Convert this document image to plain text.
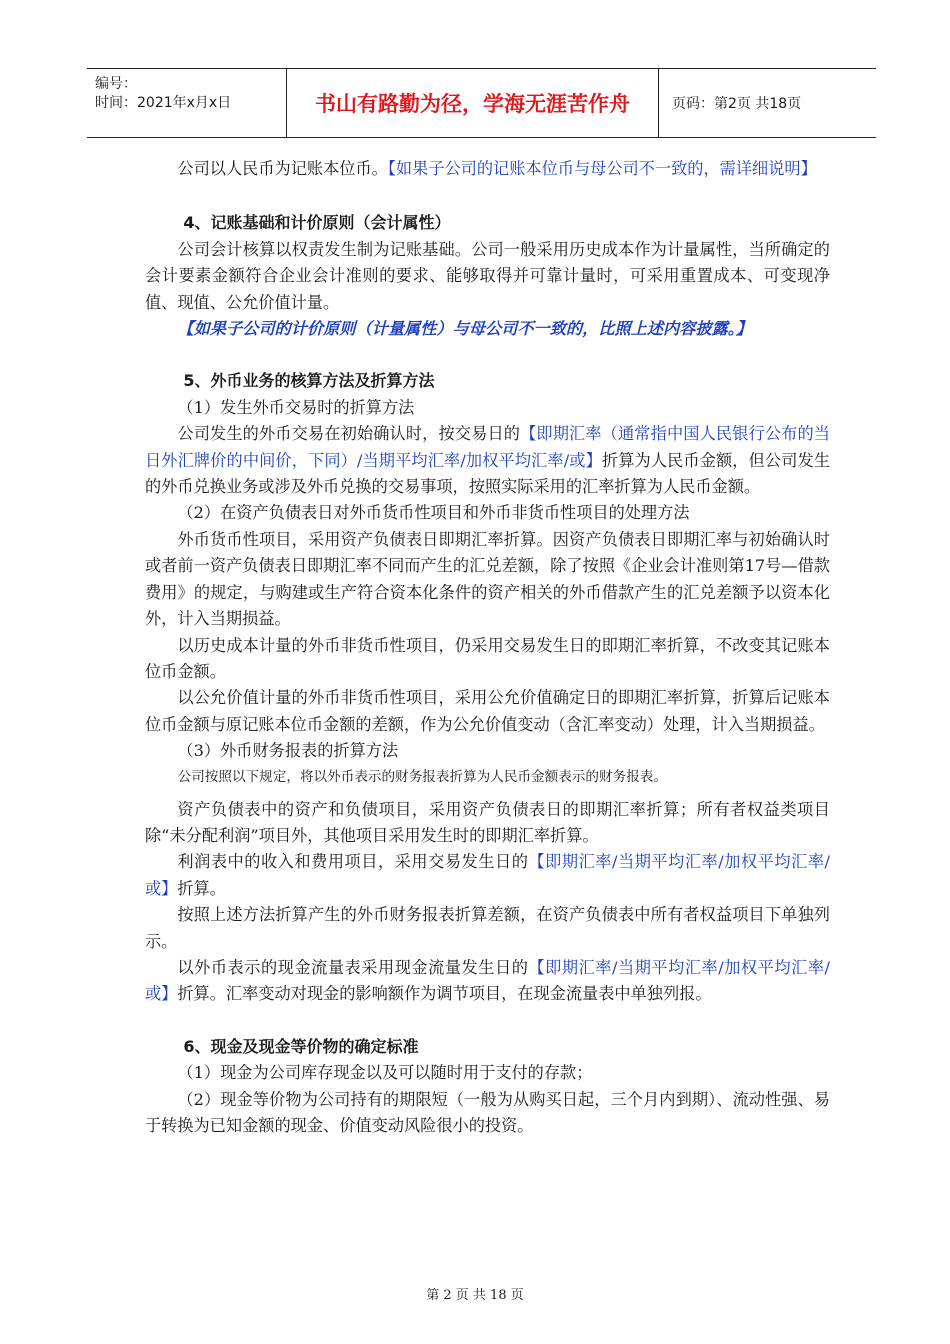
编号：
时间：2021年x月x日	书山有路勤为径，学海无涯苦作舟	页码：第2页 共18页

公司以人民币为记账本位币。【如果子公司的记账本位币与母公司不一致的，需详细说明】

4、记账基础和计价原则（会计属性）

公司会计核算以权责发生制为记账基础。公司一般采用历史成本作为计量属性，当所确定的会计要素金额符合企业会计准则的要求、能够取得并可靠计量时，可采用重置成本、可变现净值、现值、公允价值计量。

【如果子公司的计价原则（计量属性）与母公司不一致的，比照上述内容披露。】

5、外币业务的核算方法及折算方法

（1）发生外币交易时的折算方法

公司发生的外币交易在初始确认时，按交易日的【即期汇率（通常指中国人民银行公布的当日外汇牌价的中间价，下同）/当期平均汇率/加权平均汇率/或】折算为人民币金额，但公司发生的外币兑换业务或涉及外币兑换的交易事项，按照实际采用的汇率折算为人民币金额。

（2）在资产负债表日对外币货币性项目和外币非货币性项目的处理方法

外币货币性项目，采用资产负债表日即期汇率折算。因资产负债表日即期汇率与初始确认时或者前一资产负债表日即期汇率不同而产生的汇兑差额，除了按照《企业会计准则第17号—借款费用》的规定，与购建或生产符合资本化条件的资产相关的外币借款产生的汇兑差额予以资本化外，计入当期损益。

以历史成本计量的外币非货币性项目，仍采用交易发生日的即期汇率折算，不改变其记账本位币金额。

以公允价值计量的外币非货币性项目，采用公允价值确定日的即期汇率折算，折算后记账本位币金额与原记账本位币金额的差额，作为公允价值变动（含汇率变动）处理，计入当期损益。

（3）外币财务报表的折算方法

公司按照以下规定，将以外币表示的财务报表折算为人民币金额表示的财务报表。

资产负债表中的资产和负债项目，采用资产负债表日的即期汇率折算；所有者权益类项目除“未分配利润”项目外，其他项目采用发生时的即期汇率折算。

利润表中的收入和费用项目，采用交易发生日的【即期汇率/当期平均汇率/加权平均汇率/或】折算。

按照上述方法折算产生的外币财务报表折算差额，在资产负债表中所有者权益项目下单独列示。

以外币表示的现金流量表采用现金流量发生日的【即期汇率/当期平均汇率/加权平均汇率/或】折算。汇率变动对现金的影响额作为调节项目，在现金流量表中单独列报。

6、现金及现金等价物的确定标准

（1）现金为公司库存现金以及可以随时用于支付的存款；

（2）现金等价物为公司持有的期限短（一般为从购买日起，三个月内到期）、流动性强、易于转换为已知金额的现金、价值变动风险很小的投资。

第 2 页 共 18 页
